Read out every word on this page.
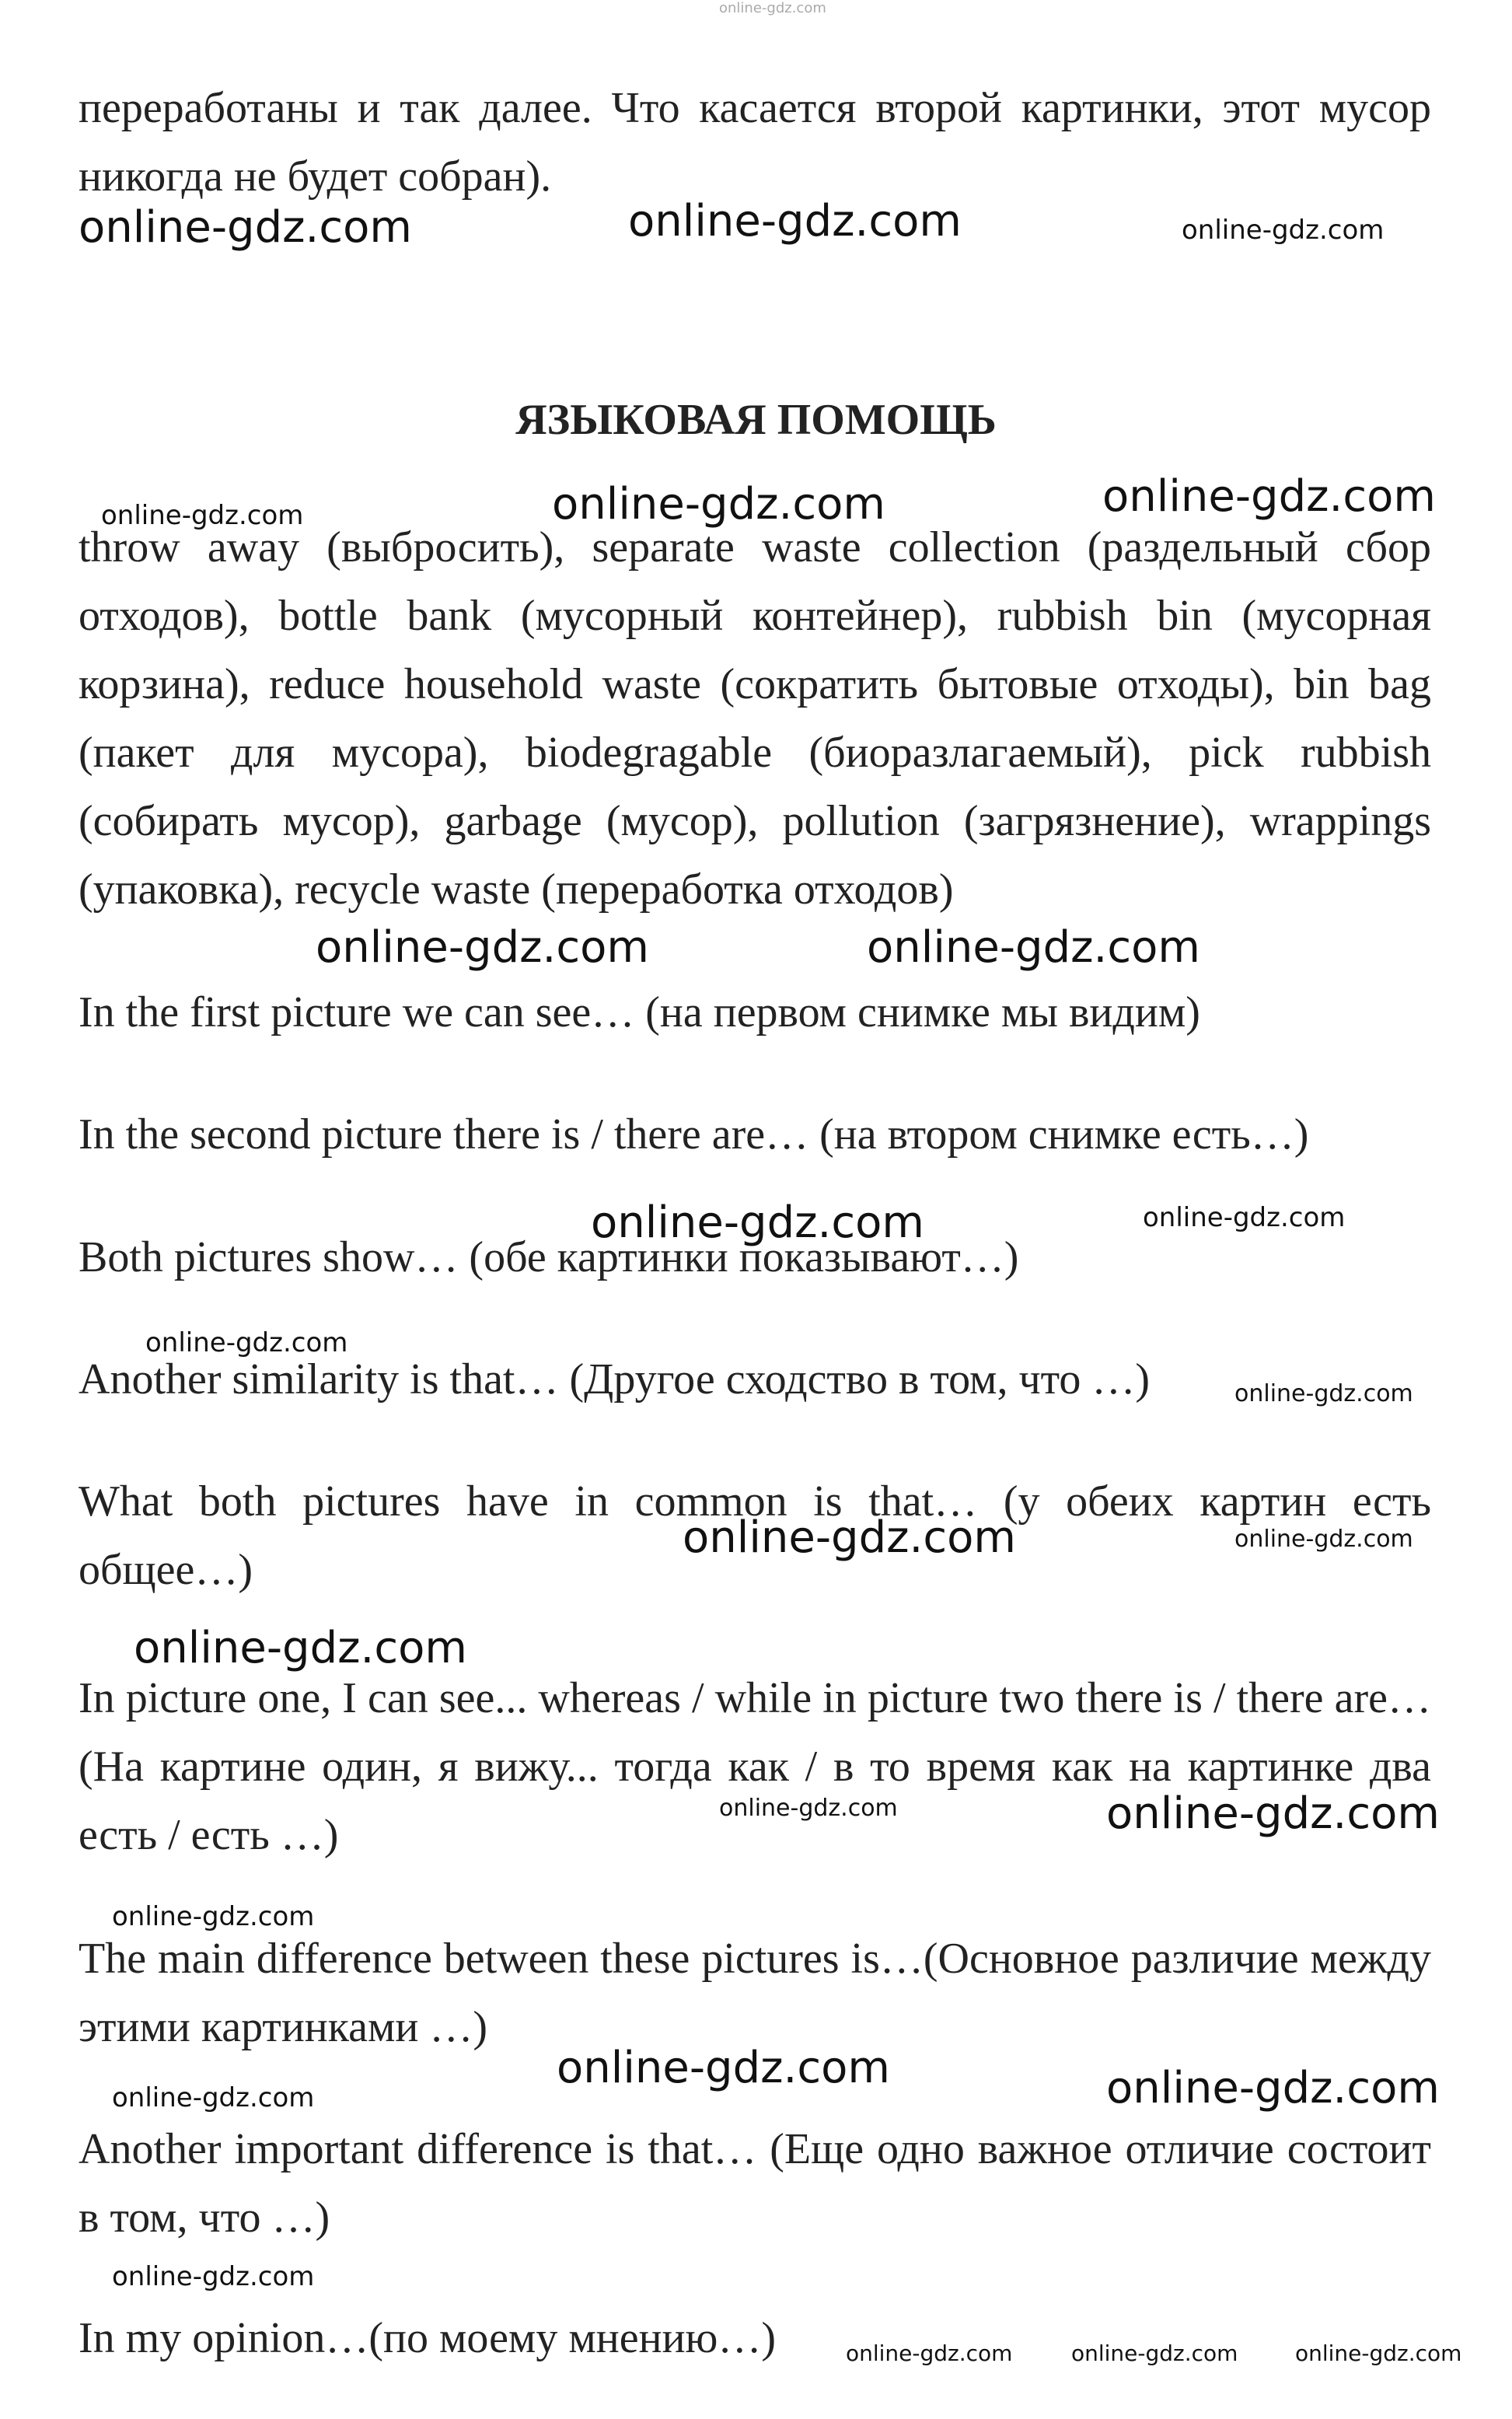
online-gdz.com

переработаны и так далее. Что касается второй картинки, этот мусор никогда не будет собран).

online-gdz.com	online-gdz.com	online-gdz.com
ЯЗЫКОВАЯ ПОМОЩЬ
online-gdz.com	online-gdz.com	online-gdz.com

throw away (выбросить), separate waste collection (раздельный сбор отходов), bottle bank (мусорный контейнер), rubbish bin (мусорная корзина), reduce household waste (сократить бытовые отходы), bin bag (пакет для мусора), biodegragable (биоразлагаемый), pick rubbish (собирать мусор), garbage (мусор), pollution (загрязнение), wrappings (упаковка), recycle waste (переработка отходов)

online-gdz.com	online-gdz.com

In the first picture we can see… (на первом снимке мы видим)

In the second picture there is / there are… (на втором снимке есть…)

online-gdz.com	online-gdz.com

Both pictures show… (обе картинки показывают…)

online-gdz.com

Another similarity is that… (Другое сходство в том, что …)	online-gdz.com

What both pictures have in common is that… (у обеих картин есть общее…)

online-gdz.com	online-gdz.com
online-gdz.com

In picture one, I can see... whereas / while in picture two there is / there are…(На картине один, я вижу... тогда как / в то время как на картинке два есть / есть …)

online-gdz.com	online-gdz.com
online-gdz.com

The main difference between these pictures is…(Основное различие между этими картинками …)

online-gdz.com
online-gdz.com	online-gdz.com

Another important difference is that… (Еще одно важное отличие состоит в том, что …)

online-gdz.com

In my opinion…(по моему мнению…)	online-gdz.com	online-gdz.com	online-gdz.com
